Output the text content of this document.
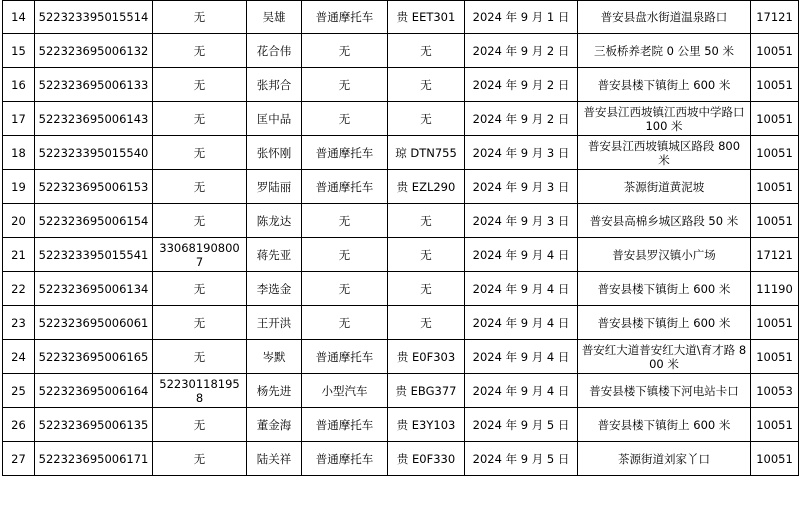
14	522323395015514	无	吴雄	普通摩托车	贵 EET301	2024 年 9 月 1 日	普安县盘水街道温泉路口	17121
15	522323695006132	无	花合伟	无	无	2024 年 9 月 2 日	三板桥养老院 0 公里 50 米	10051
16	522323695006133	无	张邦合	无	无	2024 年 9 月 2 日	普安县楼下镇街上 600 米	10051
17	522323695006143	无	匡中品	无	无	2024 年 9 月 2 日	普安县江西坡镇江西坡中学路口 100 米	10051
18	522323395015540	无	张怀刚	普通摩托车	琼 DTN755	2024 年 9 月 3 日	普安县江西坡镇城区路段 800 米	10051
19	522323695006153	无	罗陆丽	普通摩托车	贵 EZL290	2024 年 9 月 3 日	茶源街道黄泥坡	10051
20	522323695006154	无	陈龙达	无	无	2024 年 9 月 3 日	普安县高棉乡城区路段 50 米	10051
21	522323395015541	330681908007	蒋先亚	无	无	2024 年 9 月 4 日	普安县罗汉镇小广场	17121
22	522323695006134	无	李选金	无	无	2024 年 9 月 4 日	普安县楼下镇街上 600 米	11190
23	522323695006061	无	王开洪	无	无	2024 年 9 月 4 日	普安县楼下镇街上 600 米	10051
24	522323695006165	无	岑默	普通摩托车	贵 E0F303	2024 年 9 月 4 日	普安红大道普安红大道\育才路 800 米	10051
25	522323695006164	522301181958	杨先进	小型汽车	贵 EBG377	2024 年 9 月 4 日	普安县楼下镇楼下河电站卡口	10053
26	522323695006135	无	董金海	普通摩托车	贵 E3Y103	2024 年 9 月 5 日	普安县楼下镇街上 600 米	10051
27	522323695006171	无	陆关祥	普通摩托车	贵 E0F330	2024 年 9 月 5 日	茶源街道刘家丫口	10051
